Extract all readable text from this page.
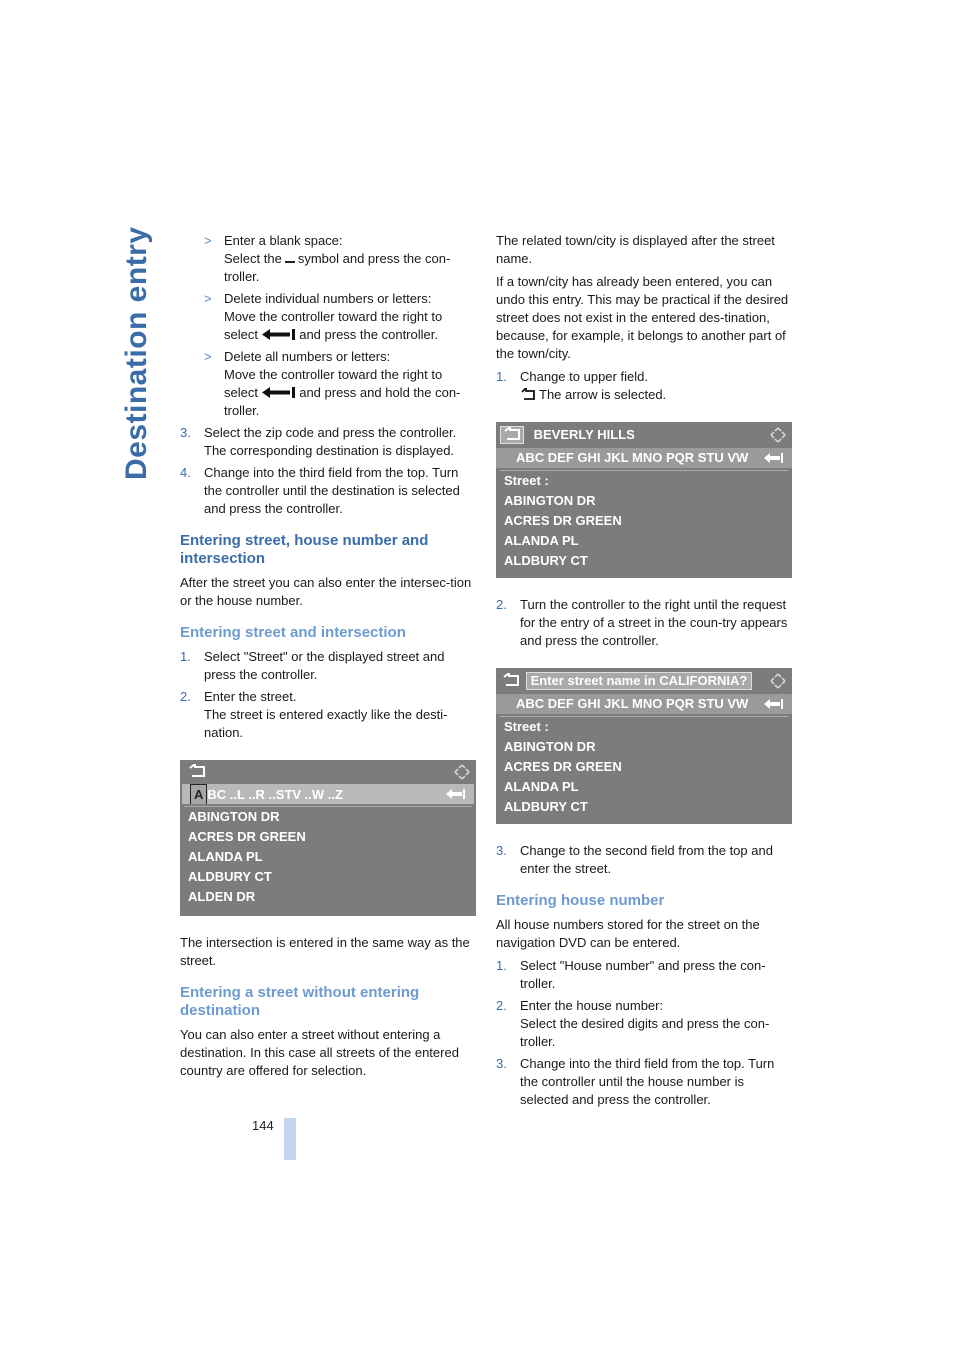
Destination entry	> Enter a blank space:
Select the symbol and press the con-troller.
> Delete individual numbers or letters:
Move the controller toward the right to
select	and press the controller.
> Delete all numbers or letters:
Move the controller toward the right to
select	and press and hold the con-troller.
3. Select the zip code and press the controller. The corresponding destination is displayed.
4. Change into the third field from the top. Turn the controller until the destination is selected and press the controller.
Entering street, house number and intersection

After the street you can also enter the intersec-tion or the house number.

Entering street and intersection
1. Select "Street" or the displayed street and press the controller.
2. Enter the street.
The street is entered exactly like the desti-nation.
A BC ..L ..R ..STV ..W ..Z
ABINGTON DR
ACRES DR GREEN
ALANDA PL
ALDBURY CT
ALDEN DR

The intersection is entered in the same way as the street.

Entering a street without entering destination

You can also enter a street without entering a destination. In this case all streets of the entered country are offered for selection.

The related town/city is displayed after the street name.

If a town/city has already been entered, you can undo this entry. This may be practical if the desired street does not exist in the entered des-tination, because, for example, it belongs to another part of the town/city.

1. Change to upper field.
The arrow is selected.
BEVERLY HILLS
ABC DEF GHI JKL MNO PQR STU VW
Street :
ABINGTON DR
ACRES DR GREEN
ALANDA PL
ALDBURY CT
2. Turn the controller to the right until the request for the entry of a street in the coun-try appears and press the controller.
Enter street name in CALIFORNIA?
ABC DEF GHI JKL MNO PQR STU VW
Street :
ABINGTON DR
ACRES DR GREEN
ALANDA PL
ALDBURY CT
3. Change to the second field from the top and enter the street.
Entering house number

All house numbers stored for the street on the navigation DVD can be entered.

1. Select "House number" and press the con-troller.
2. Enter the house number:
Select the desired digits and press the con-troller.
3. Change into the third field from the top. Turn the controller until the house number is selected and press the controller.
144
